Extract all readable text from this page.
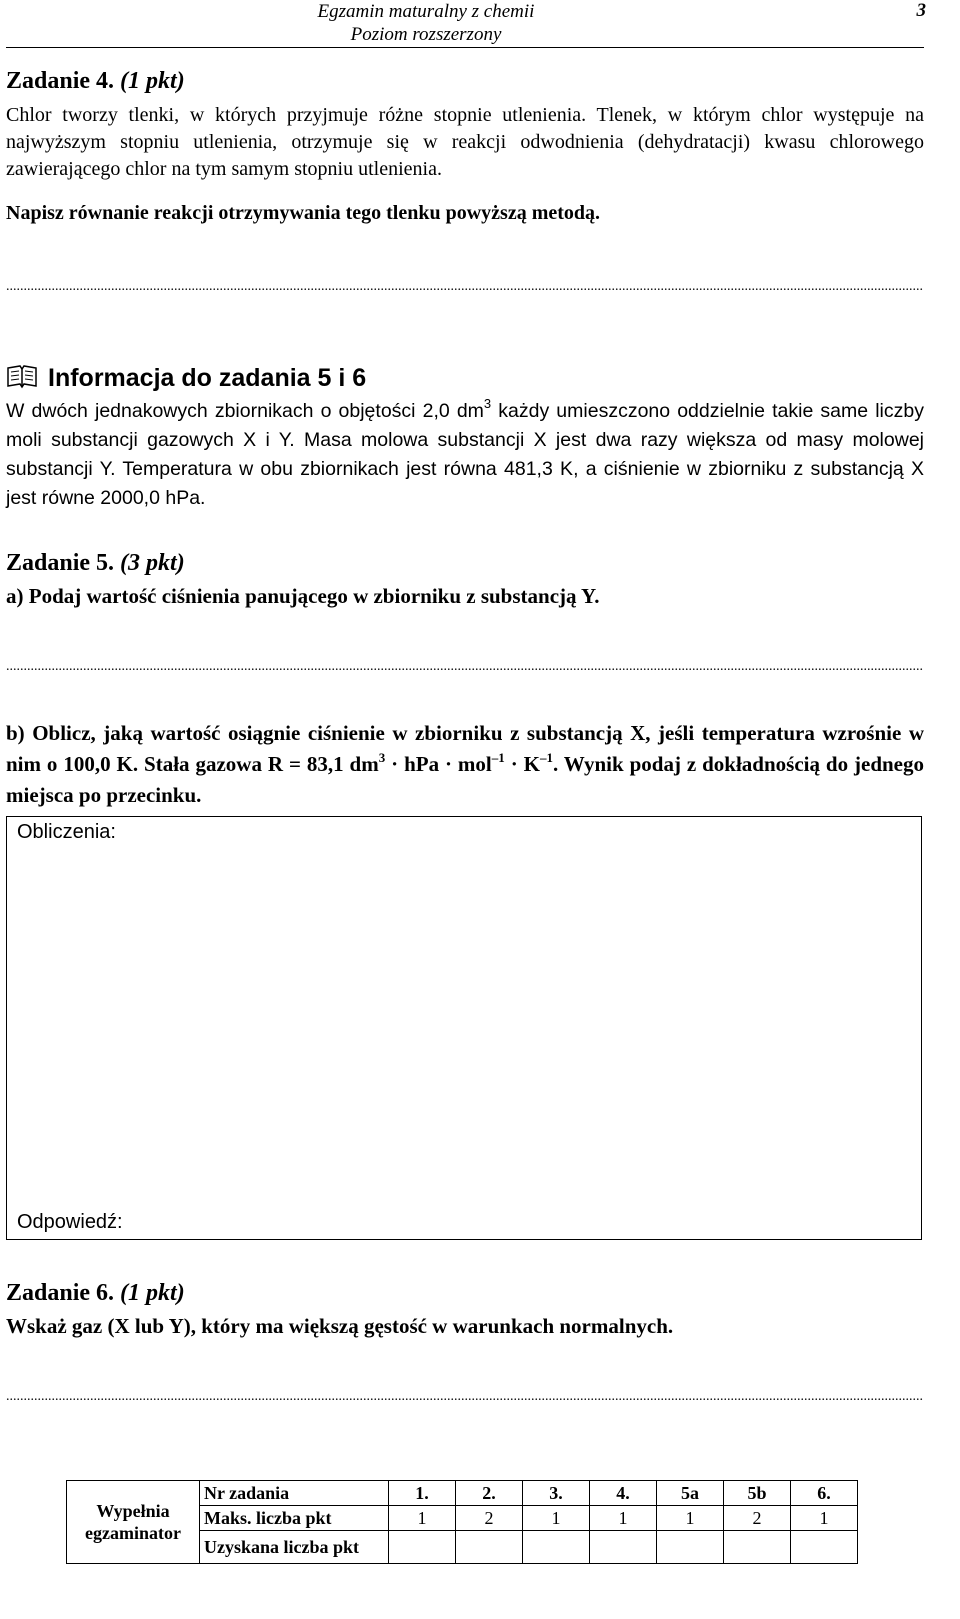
Egzamin maturalny z chemii
Poziom rozszerzony
3
Zadanie 4. (1 pkt)
Chlor tworzy tlenki, w których przyjmuje różne stopnie utlenienia. Tlenek, w którym chlor występuje na najwyższym stopniu utlenienia, otrzymuje się w reakcji odwodnienia (dehydratacji) kwasu chlorowego zawierającego chlor na tym samym stopniu utlenienia.
Napisz równanie reakcji otrzymywania tego tlenku powyższą metodą.
......................................................................................................................................................................................................................................................................
Informacja do zadania 5 i 6
W dwóch jednakowych zbiornikach o objętości 2,0 $dm^3$ każdy umieszczono oddzielnie takie same liczby moli substancji gazowych X i Y. Masa molowa substancji X jest dwa razy większa od masy molowej substancji Y. Temperatura w obu zbiornikach jest równa 481,3 K, a ciśnienie w zbiorniku z substancją X jest równe 2000,0 hPa.
Zadanie 5. (3 pkt)
a) Podaj wartość ciśnienia panującego w zbiorniku z substancją Y.
......................................................................................................................................................................................................................................................................
b) Oblicz, jaką wartość osiągnie ciśnienie w zbiorniku z substancją X, jeśli temperatura wzrośnie w nim o 100,0 K. Stała gazowa R = 83,1 $dm^3$ · hPa · $mol^{-1} \cdot K^{-1}$. Wynik podaj z dokładnością do jednego miejsca po przecinku.
Obliczenia:
Odpowiedź:
Zadanie 6. (1 pkt)
Wskaż gaz (X lub Y), który ma większą gęstość w warunkach normalnych.
......................................................................................................................................................................................................................................................................
Wypełnia egzaminator	Nr zadania	1.	2.	3.	4.	5a	5b	6.
	Maks. liczba pkt	1	2	1	1	1	2	1
	Uzyskana liczba pkt							
